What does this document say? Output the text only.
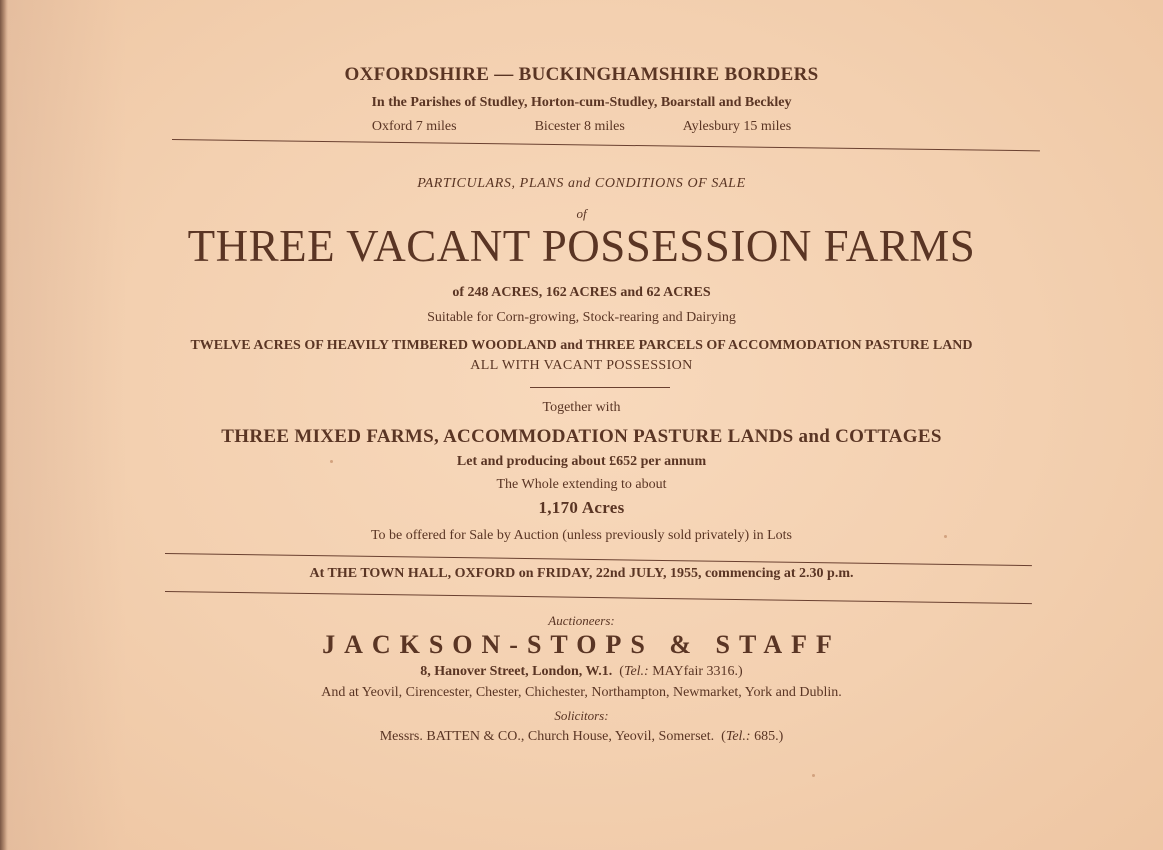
OXFORDSHIRE — BUCKINGHAMSHIRE BORDERS
In the Parishes of Studley, Horton-cum-Studley, Boarstall and Beckley
Oxford 7 miles	Bicester 8 miles	Aylesbury 15 miles
PARTICULARS, PLANS and CONDITIONS OF SALE
of
THREE VACANT POSSESSION FARMS
of 248 ACRES, 162 ACRES and 62 ACRES
Suitable for Corn-growing, Stock-rearing and Dairying
TWELVE ACRES OF HEAVILY TIMBERED WOODLAND and THREE PARCELS OF ACCOMMODATION PASTURE LAND
ALL WITH VACANT POSSESSION
Together with
THREE MIXED FARMS, ACCOMMODATION PASTURE LANDS and COTTAGES
Let and producing about £652 per annum
The Whole extending to about
1,170 Acres
To be offered for Sale by Auction (unless previously sold privately) in Lots
At THE TOWN HALL, OXFORD on FRIDAY, 22nd JULY, 1955, commencing at 2.30 p.m.
Auctioneers:
JACKSON-STOPS & STAFF
8, Hanover Street, London, W.1.  (Tel.: MAYfair 3316.)
And at Yeovil, Cirencester, Chester, Chichester, Northampton, Newmarket, York and Dublin.
Solicitors:
Messrs. BATTEN & CO., Church House, Yeovil, Somerset.  (Tel.: 685.)
